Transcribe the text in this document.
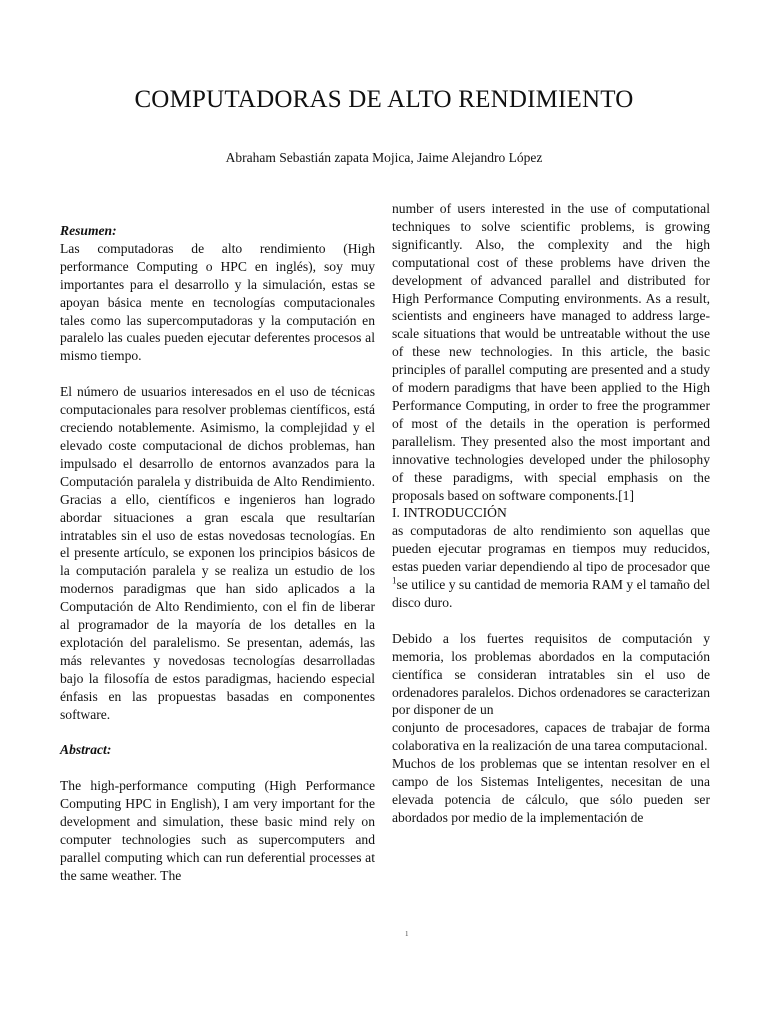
COMPUTADORAS DE ALTO RENDIMIENTO

Abraham Sebastián zapata Mojica, Jaime Alejandro López

Resumen:

Las computadoras de alto rendimiento (High performance Computing o HPC en inglés), soy muy importantes para el desarrollo y la simulación, estas se apoyan básica mente en tecnologías computacionales tales como las supercomputadoras y la computación en paralelo las cuales pueden ejecutar deferentes procesos al mismo tiempo.

El número de usuarios interesados en el uso de técnicas computacionales para resolver problemas científicos, está creciendo notablemente. Asimismo, la complejidad y el elevado coste computacional de dichos problemas, han impulsado el desarrollo de entornos avanzados para la Computación paralela y distribuida de Alto Rendimiento. Gracias a ello, científicos e ingenieros han logrado abordar situaciones a gran escala que resultarían intratables sin el uso de estas novedosas tecnologías. En el presente artículo, se exponen los principios básicos de la computación paralela y se realiza un estudio de los modernos paradigmas que han sido aplicados a la Computación de Alto Rendimiento, con el fin de liberar al programador de la mayoría de los detalles en la explotación del paralelismo. Se presentan, además, las más relevantes y novedosas tecnologías desarrolladas bajo la filosofía de estos paradigmas, haciendo especial énfasis en las propuestas basadas en componentes software.

Abstract:

The high-performance computing (High Performance Computing HPC in English), I am very important for the development and simulation, these basic mind rely on computer technologies such as supercomputers and parallel computing which can run deferential processes at the same weather. The

number of users interested in the use of computational techniques to solve scientific problems, is growing significantly. Also, the complexity and the high computational cost of these problems have driven the development of advanced parallel and distributed for High Performance Computing environments. As a result, scientists and engineers have managed to address large-scale situations that would be untreatable without the use of these new technologies. In this article, the basic principles of parallel computing are presented and a study of modern paradigms that have been applied to the High Performance Computing, in order to free the programmer of most of the details in the operation is performed parallelism. They presented also the most important and innovative technologies developed under the philosophy of these paradigms, with special emphasis on the proposals based on software components.[1]

I. INTRODUCCIÓN

as computadoras de alto rendimiento son aquellas que pueden ejecutar programas en tiempos muy reducidos, estas pueden variar dependiendo al tipo de procesador que $^1$se utilice y su cantidad de memoria RAM y el tamaño del disco duro.

Debido a los fuertes requisitos de computación y memoria, los problemas abordados en la computación científica se consideran intratables sin el uso de ordenadores paralelos. Dichos ordenadores se caracterizan por disponer de un

conjunto de procesadores, capaces de trabajar de forma colaborativa en la realización de una tarea computacional.

Muchos de los problemas que se intentan resolver en el campo de los Sistemas Inteligentes, necesitan de una elevada potencia de cálculo, que sólo pueden ser abordados por medio de la implementación de

1
